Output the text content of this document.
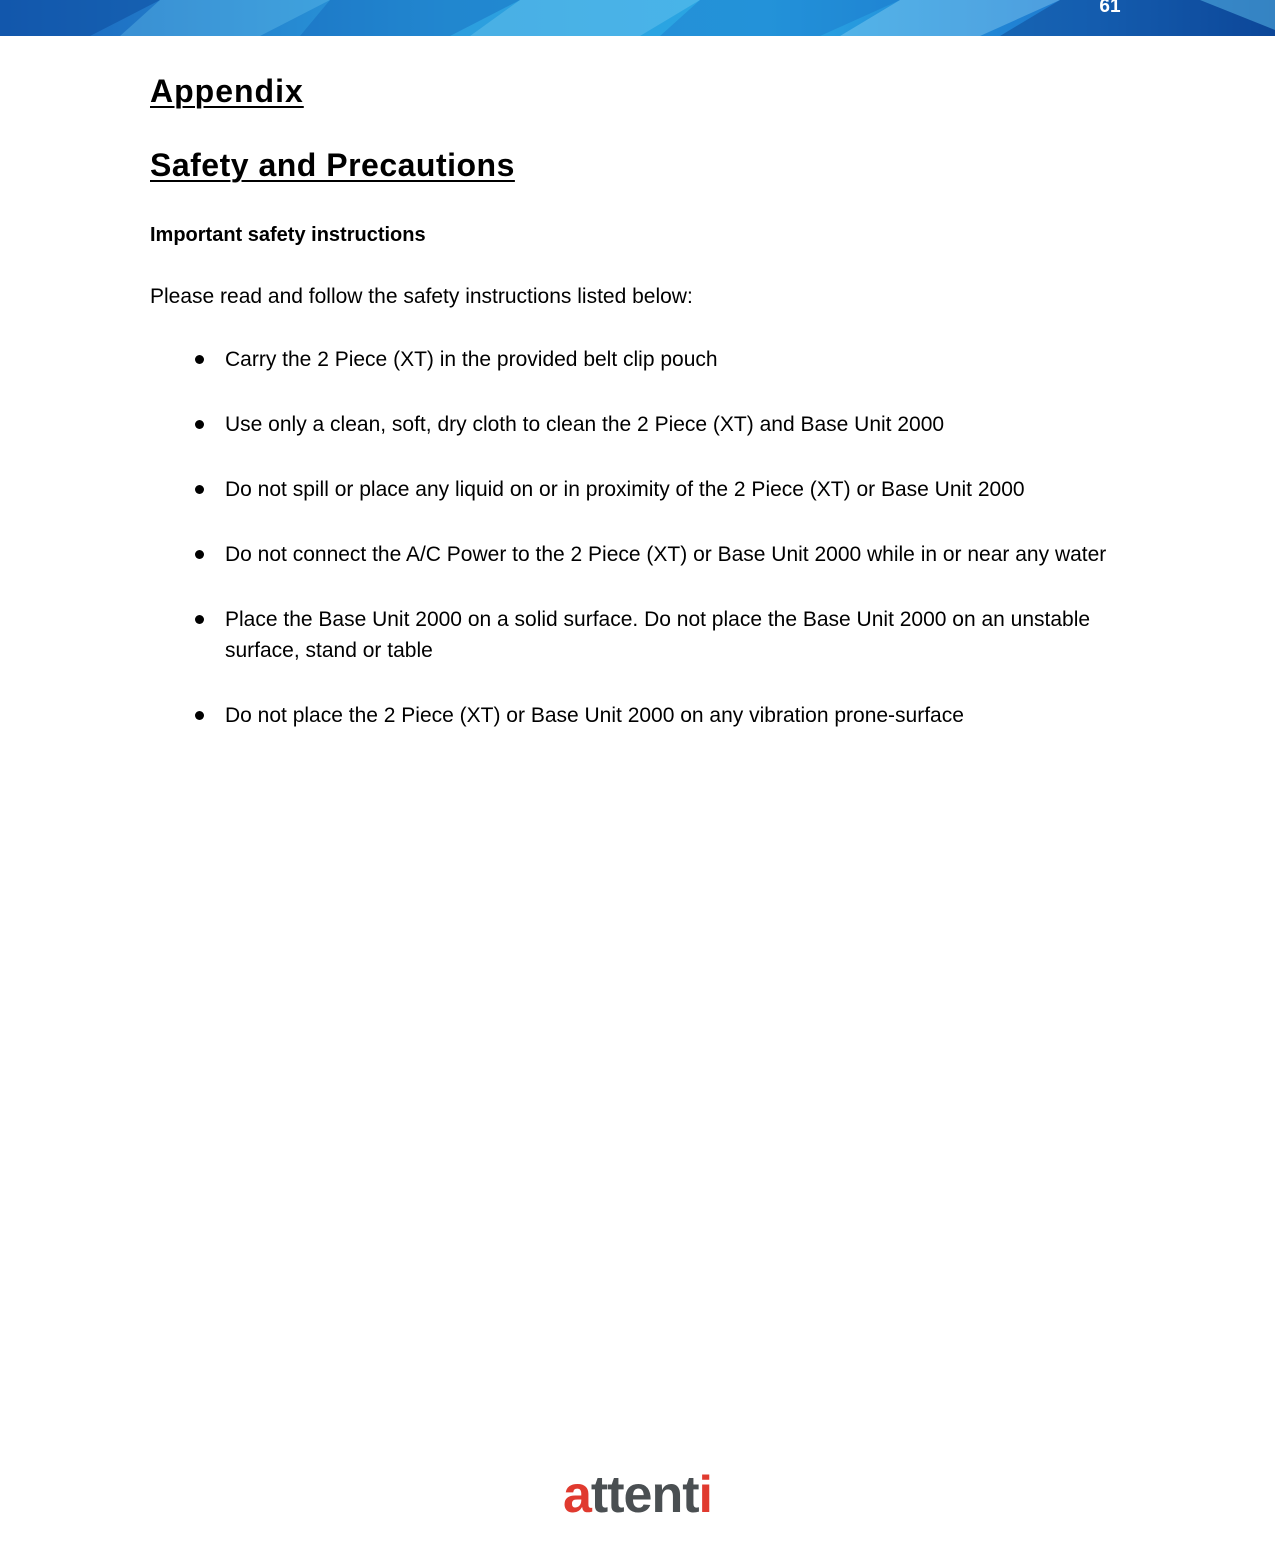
61
Appendix
Safety and Precautions

Important safety instructions

Please read and follow the safety instructions listed below:

Carry the 2 Piece (XT) in the provided belt clip pouch
Use only a clean, soft, dry cloth to clean the 2 Piece (XT) and Base Unit 2000
Do not spill or place any liquid on or in proximity of the 2 Piece (XT) or Base Unit 2000
Do not connect the A/C Power to the 2 Piece (XT) or Base Unit 2000 while in or near any water
Place the Base Unit 2000 on a solid surface. Do not place the Base Unit 2000 on an unstable surface, stand or table
Do not place the 2 Piece (XT) or Base Unit 2000 on any vibration prone-surface
attenti
